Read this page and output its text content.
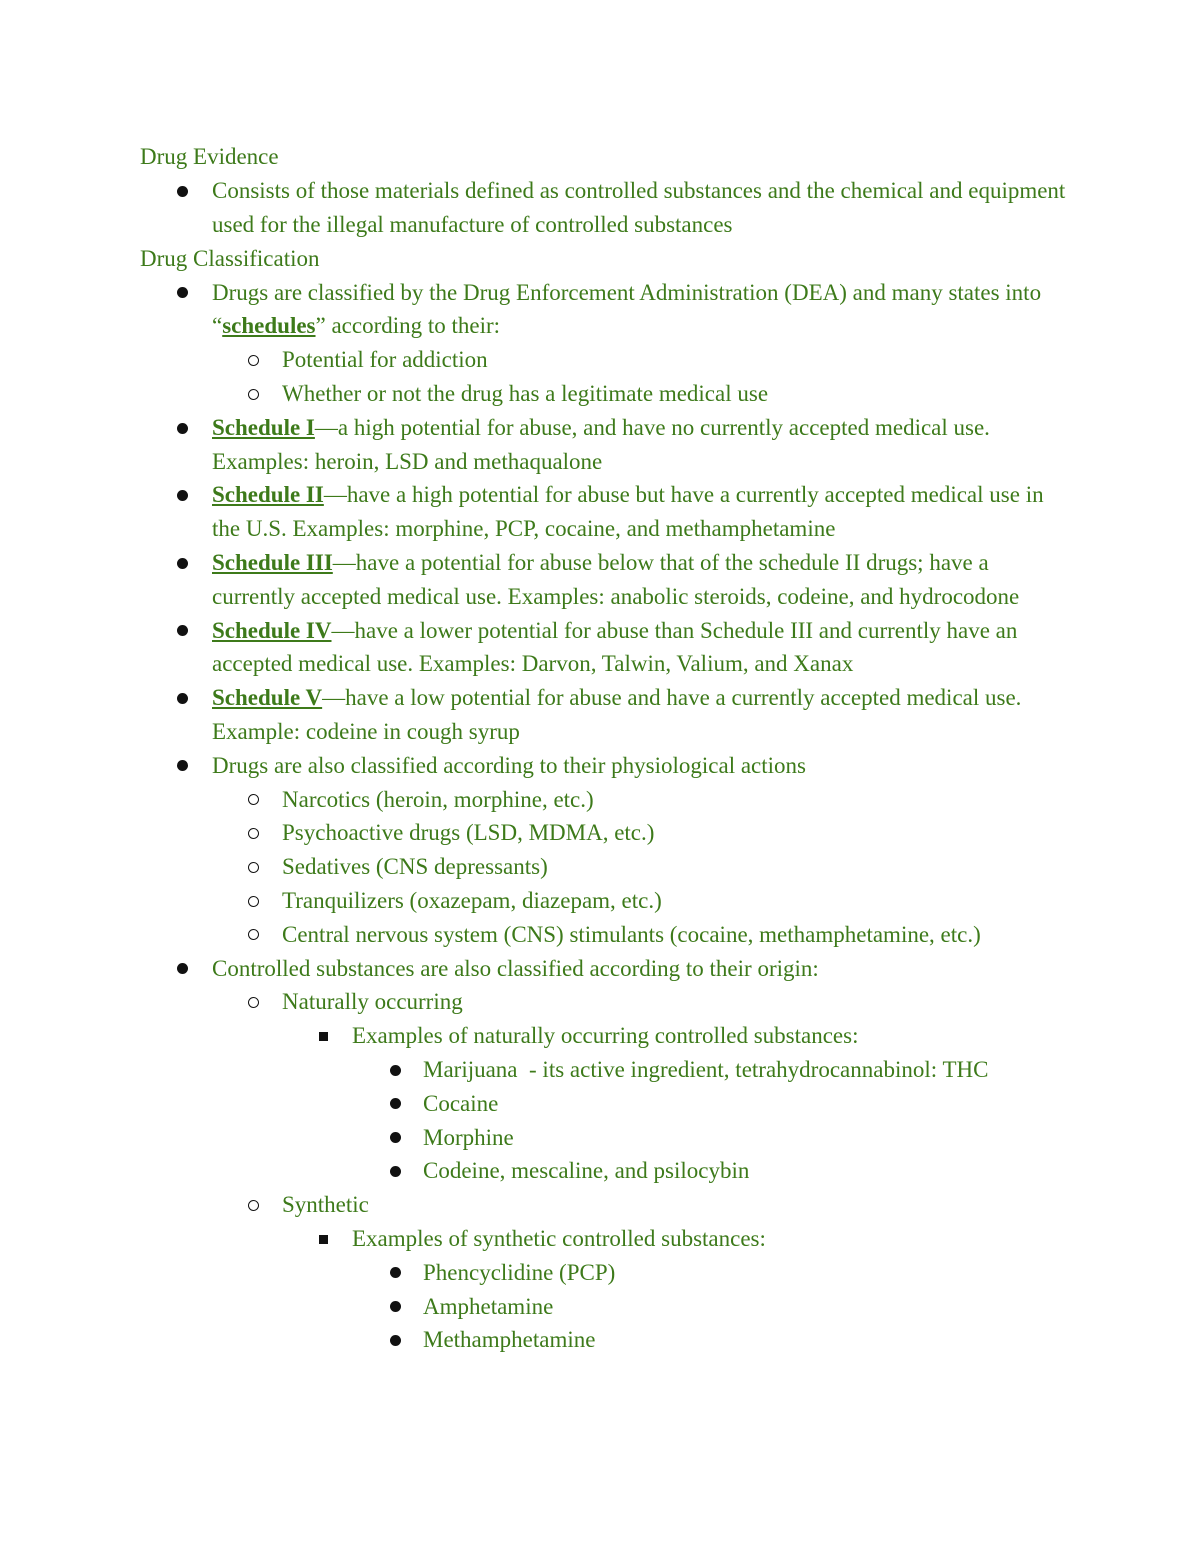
Drug Evidence
Consists of those materials defined as controlled substances and the chemical and equipment used for the illegal manufacture of controlled substances
Drug Classification
Drugs are classified by the Drug Enforcement Administration (DEA) and many states into “schedules” according to their:
Potential for addiction
Whether or not the drug has a legitimate medical use
Schedule I—a high potential for abuse, and have no currently accepted medical use. Examples: heroin, LSD and methaqualone
Schedule II—have a high potential for abuse but have a currently accepted medical use in the U.S. Examples: morphine, PCP, cocaine, and methamphetamine
Schedule III—have a potential for abuse below that of the schedule II drugs; have a currently accepted medical use. Examples: anabolic steroids, codeine, and hydrocodone
Schedule IV—have a lower potential for abuse than Schedule III and currently have an accepted medical use. Examples: Darvon, Talwin, Valium, and Xanax
Schedule V—have a low potential for abuse and have a currently accepted medical use. Example: codeine in cough syrup
Drugs are also classified according to their physiological actions
Narcotics (heroin, morphine, etc.)
Psychoactive drugs (LSD, MDMA, etc.)
Sedatives (CNS depressants)
Tranquilizers (oxazepam, diazepam, etc.)
Central nervous system (CNS) stimulants (cocaine, methamphetamine, etc.)
Controlled substances are also classified according to their origin:
Naturally occurring
Examples of naturally occurring controlled substances:
Marijuana  - its active ingredient, tetrahydrocannabinol: THC
Cocaine
Morphine
Codeine, mescaline, and psilocybin
Synthetic
Examples of synthetic controlled substances:
Phencyclidine (PCP)
Amphetamine
Methamphetamine
